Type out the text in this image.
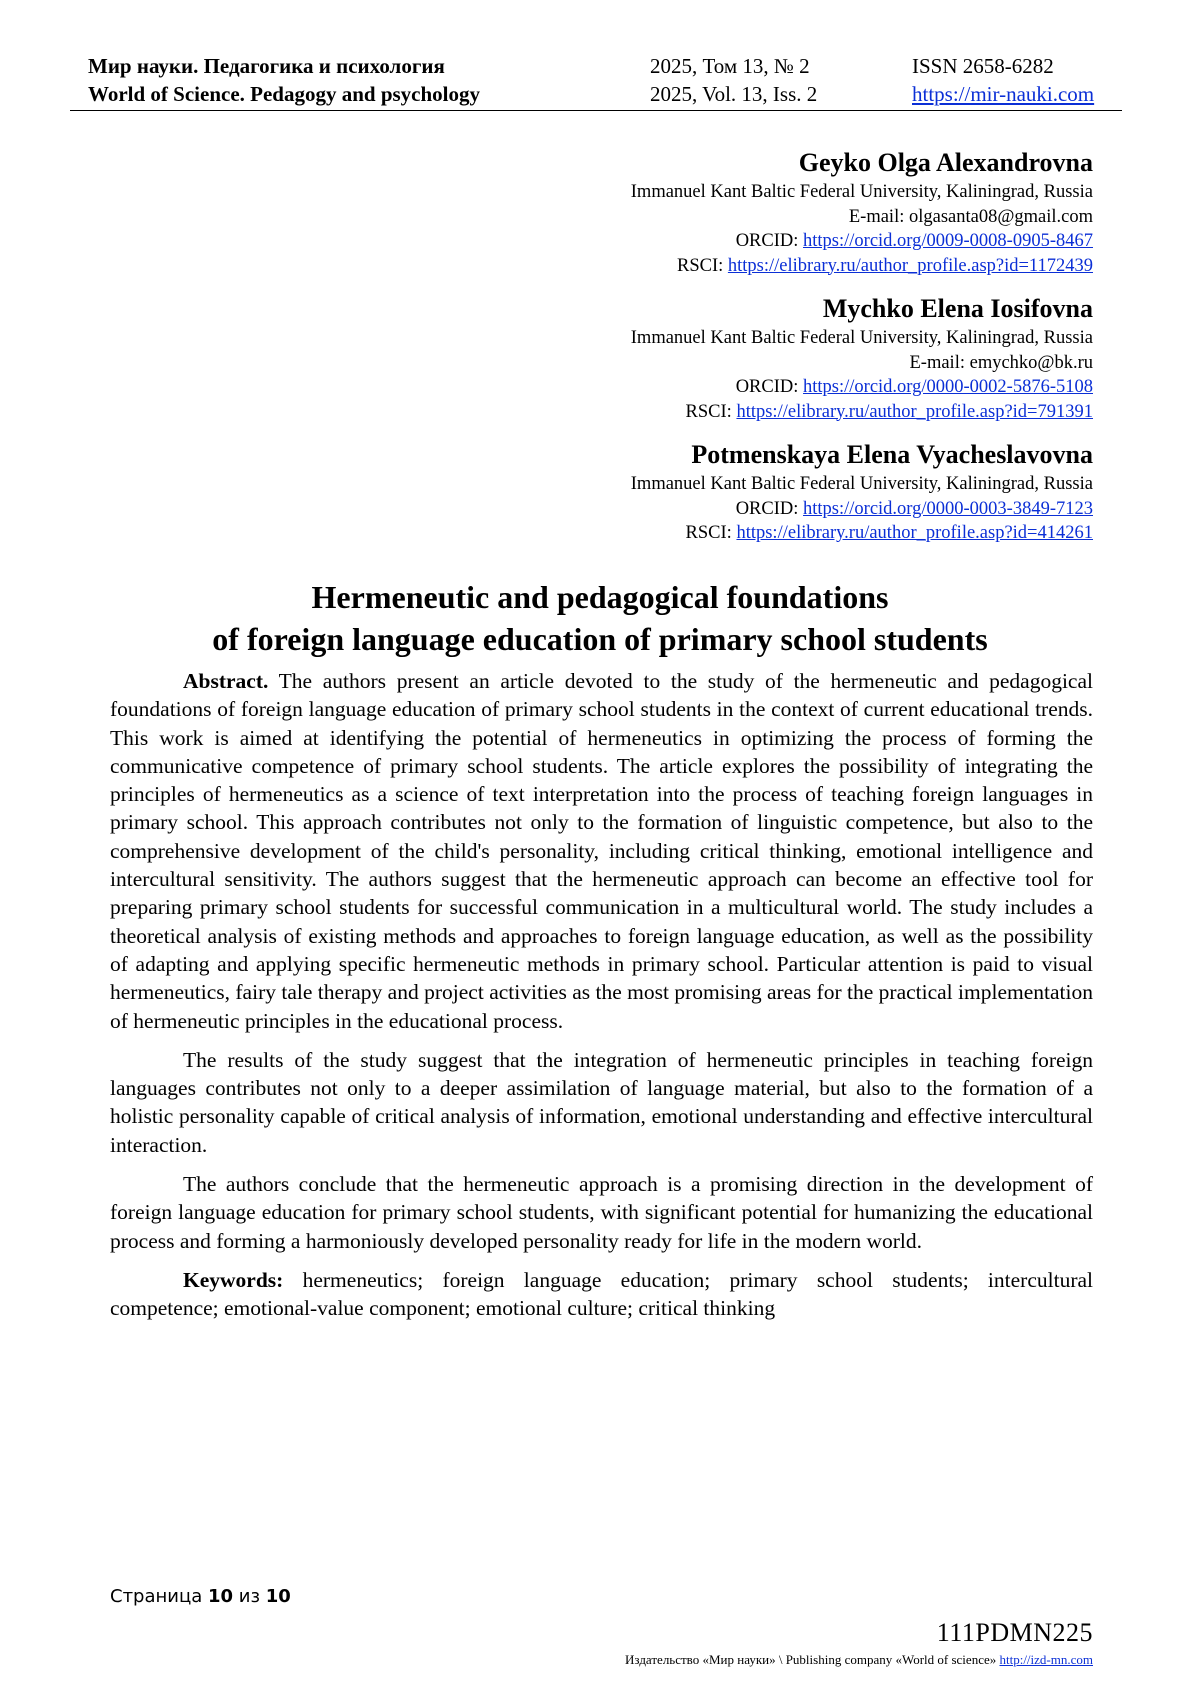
Мир науки. Педагогика и психология
World of Science. Pedagogy and psychology
2025, Том 13, № 2
2025, Vol. 13, Iss. 2
ISSN 2658-6282
https://mir-nauki.com
Geyko Olga Alexandrovna
Immanuel Kant Baltic Federal University, Kaliningrad, Russia
E-mail: olgasanta08@gmail.com
ORCID: https://orcid.org/0009-0008-0905-8467
RSCI: https://elibrary.ru/author_profile.asp?id=1172439
Mychko Elena Iosifovna
Immanuel Kant Baltic Federal University, Kaliningrad, Russia
E-mail: emychko@bk.ru
ORCID: https://orcid.org/0000-0002-5876-5108
RSCI: https://elibrary.ru/author_profile.asp?id=791391
Potmenskaya Elena Vyacheslavovna
Immanuel Kant Baltic Federal University, Kaliningrad, Russia
ORCID: https://orcid.org/0000-0003-3849-7123
RSCI: https://elibrary.ru/author_profile.asp?id=414261
Hermeneutic and pedagogical foundations
of foreign language education of primary school students

Abstract. The authors present an article devoted to the study of the hermeneutic and pedagogical foundations of foreign language education of primary school students in the context of current educational trends. This work is aimed at identifying the potential of hermeneutics in optimizing the process of forming the communicative competence of primary school students. The article explores the possibility of integrating the principles of hermeneutics as a science of text interpretation into the process of teaching foreign languages in primary school. This approach contributes not only to the formation of linguistic competence, but also to the comprehensive development of the child's personality, including critical thinking, emotional intelligence and intercultural sensitivity. The authors suggest that the hermeneutic approach can become an effective tool for preparing primary school students for successful communication in a multicultural world. The study includes a theoretical analysis of existing methods and approaches to foreign language education, as well as the possibility of adapting and applying specific hermeneutic methods in primary school. Particular attention is paid to visual hermeneutics, fairy tale therapy and project activities as the most promising areas for the practical implementation of hermeneutic principles in the educational process.

The results of the study suggest that the integration of hermeneutic principles in teaching foreign languages contributes not only to a deeper assimilation of language material, but also to the formation of a holistic personality capable of critical analysis of information, emotional understanding and effective intercultural interaction.

The authors conclude that the hermeneutic approach is a promising direction in the development of foreign language education for primary school students, with significant potential for humanizing the educational process and forming a harmoniously developed personality ready for life in the modern world.

Keywords: hermeneutics; foreign language education; primary school students; intercultural competence; emotional-value component; emotional culture; critical thinking

Страница 10 из 10
111PDMN225
Издательство «Мир науки» \ Publishing company «World of science» http://izd-mn.com
